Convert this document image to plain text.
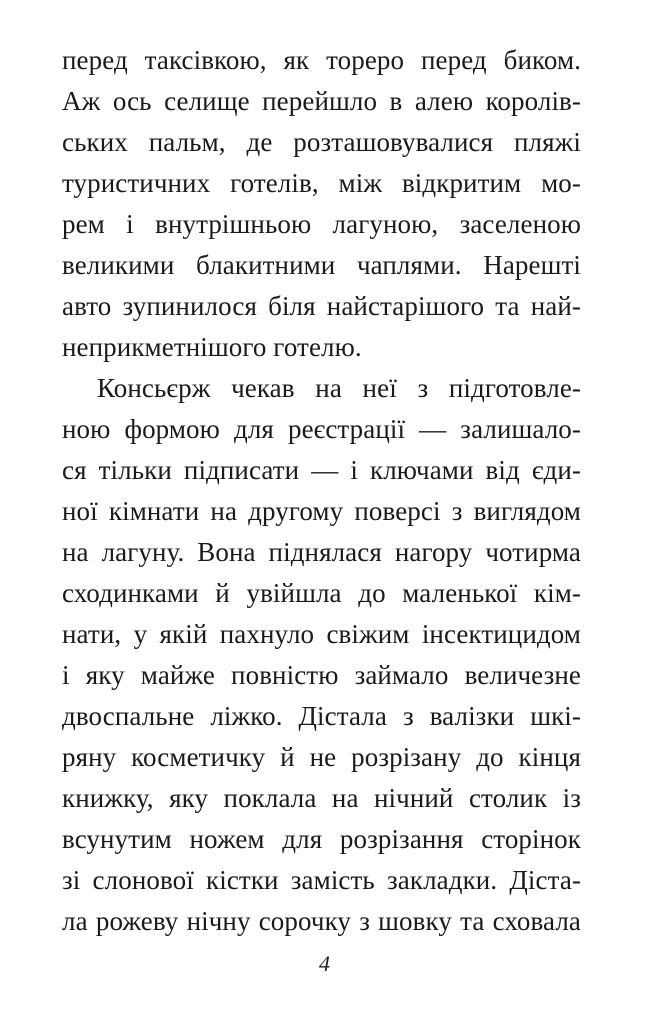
перед таксівкою, як тореро перед биком.
Аж ось селище перейшло в алею королів-
ських пальм, де розташовувалися пляжі
туристичних готелів, між відкритим мо-
рем і внутрішньою лагуною, заселеною
великими блакитними чаплями. Нарешті
авто зупинилося біля найстарішого та най-
неприкметнішого готелю.
Консьєрж чекав на неї з підготовле-
ною формою для реєстрації — залишало-
ся тільки підписати — і ключами від єди-
ної кімнати на другому поверсі з виглядом
на лагуну. Вона піднялася нагору чотирма
сходинками й увійшла до маленької кім-
нати, у якій пахнуло свіжим інсектицидом
і яку майже повністю займало величезне
двоспальне ліжко. Дістала з валізки шкі-
ряну косметичку й не розрізану до кінця
книжку, яку поклала на нічний столик із
всунутим ножем для розрізання сторінок
зі слонової кістки замість закладки. Діста-
ла рожеву нічну сорочку з шовку та сховала
4
